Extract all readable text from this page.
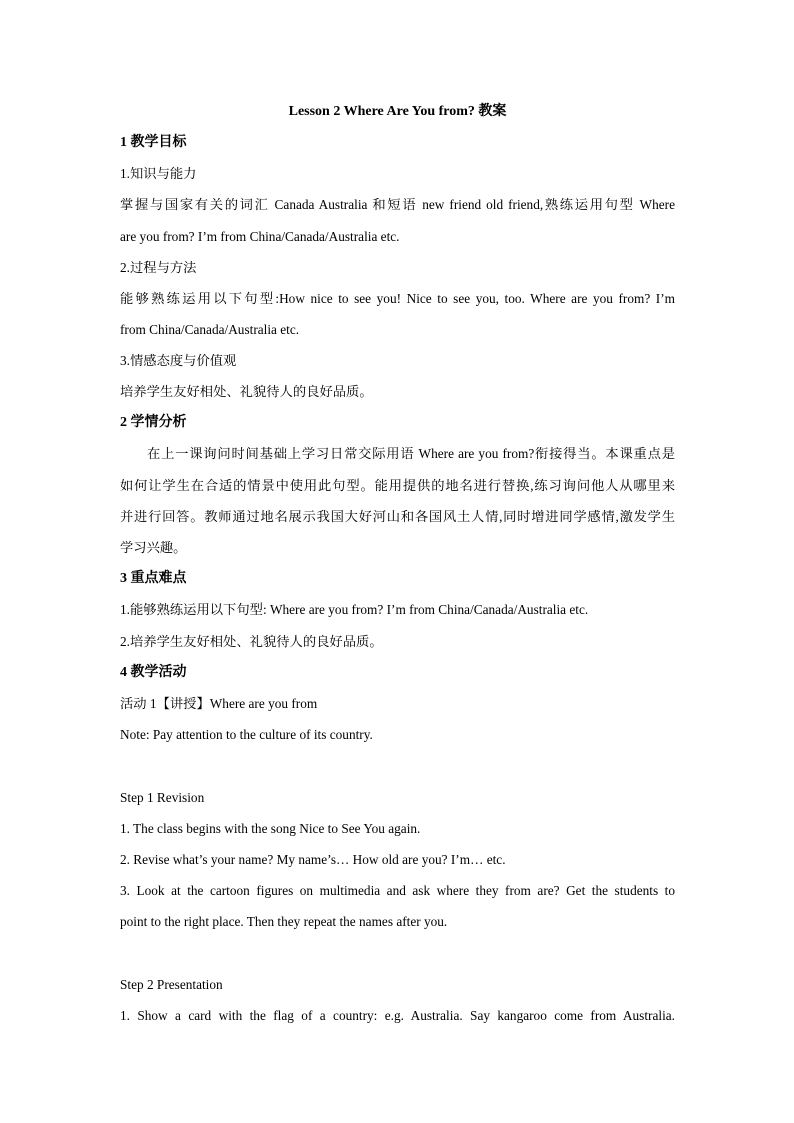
Lesson 2 Where Are You from? 教案
1 教学目标
1.知识与能力
掌握与国家有关的词汇 Canada Australia 和短语 new friend old friend,熟练运用句型 Where
are you from? I’m from China/Canada/Australia etc.
2.过程与方法
能够熟练运用以下句型:How nice to see you! Nice to see you, too. Where are you from? I’m
from China/Canada/Australia etc.
3.情感态度与价值观
培养学生友好相处、礼貌待人的良好品质。
2 学情分析
在上一课询问时间基础上学习日常交际用语 Where are you from?衔接得当。本课重点是
如何让学生在合适的情景中使用此句型。能用提供的地名进行替换,练习询问他人从哪里来
并进行回答。教师通过地名展示我国大好河山和各国风土人情,同时增进同学感情,激发学生
学习兴趣。
3 重点难点
1.能够熟练运用以下句型: Where are you from? I’m from China/Canada/Australia etc.
2.培养学生友好相处、礼貌待人的良好品质。
4 教学活动
活动 1【讲授】Where are you from
Note: Pay attention to the culture of its country.
Step 1 Revision
1. The class begins with the song Nice to See You again.
2. Revise what’s your name? My name’s… How old are you? I’m… etc.
3. Look at the cartoon figures on multimedia and ask where they from are? Get the students to
point to the right place. Then they repeat the names after you.
Step 2 Presentation
1. Show a card with the flag of a country: e.g. Australia. Say kangaroo come from Australia.
